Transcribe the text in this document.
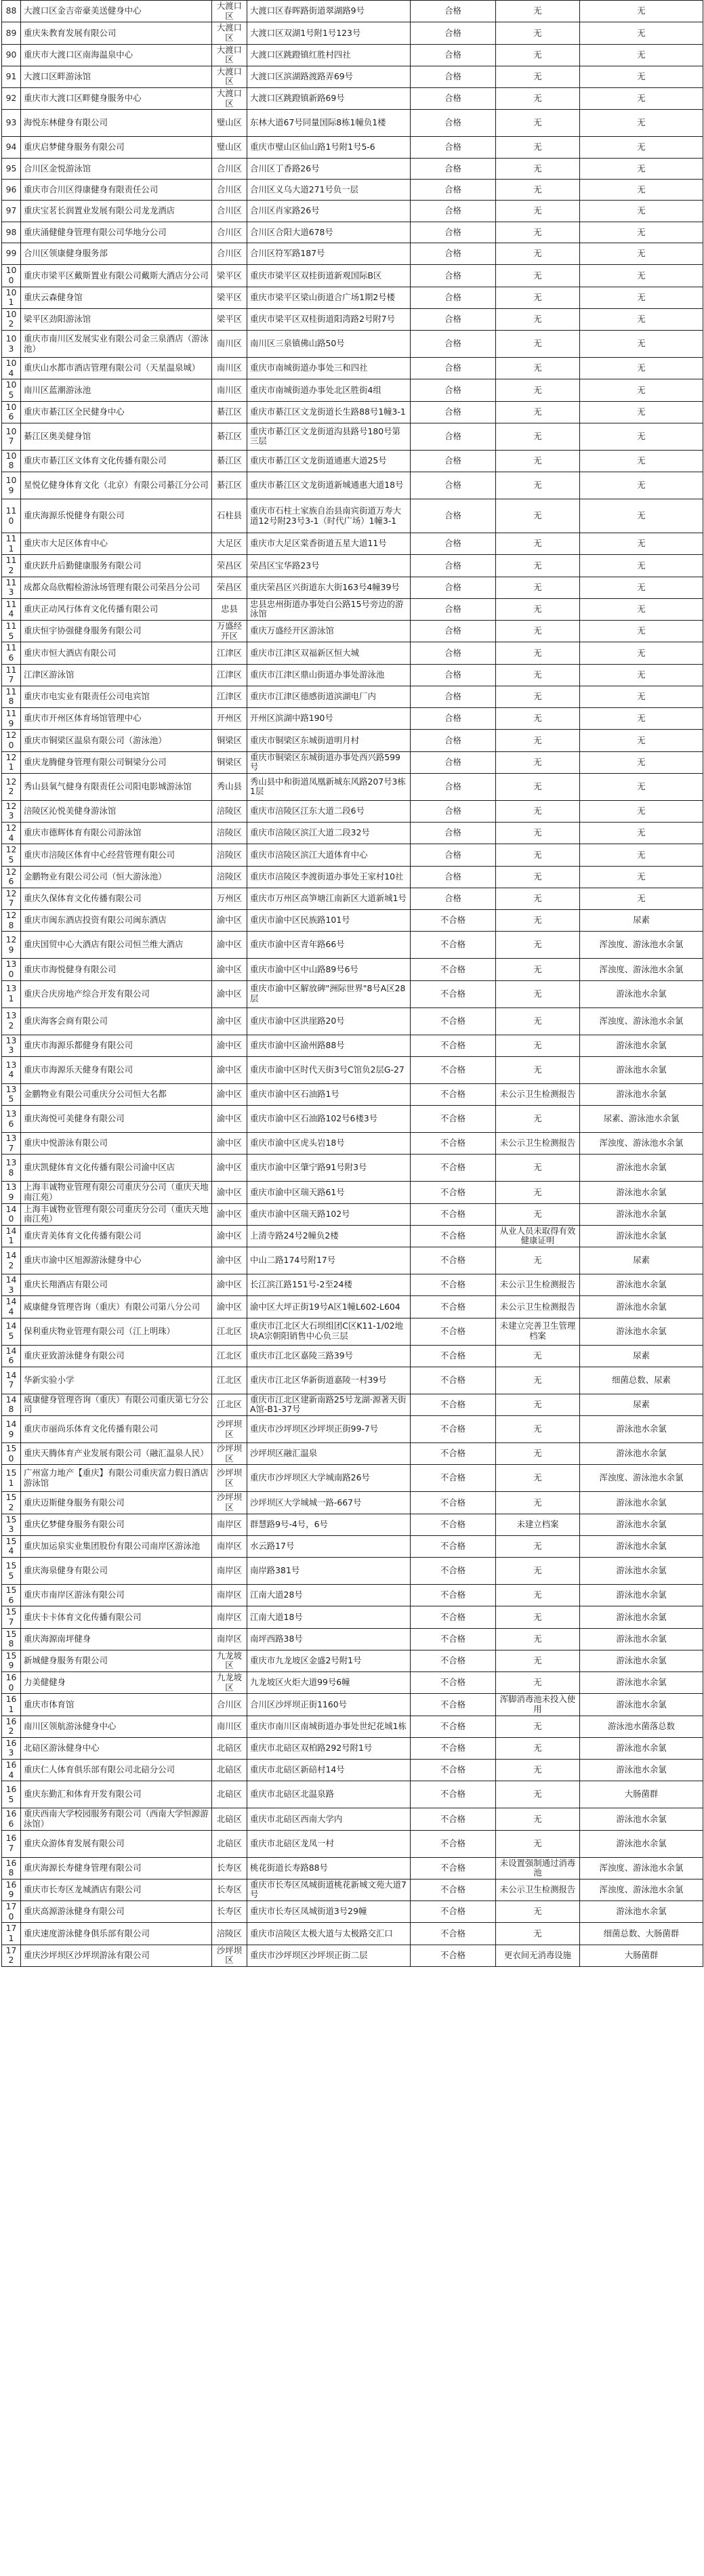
88	大渡口区金吉帝豪美送健身中心	大渡口区	大渡口区春晖路街道翠湖路9号	合格	无	无
89	重庆朱教育发展有限公司	大渡口区	大渡口区双湖1号附1号123号	合格	无	无
90	重庆市大渡口区南海温泉中心	大渡口区	大渡口区跳蹬镇红胜村四社	合格	无	无
91	大渡口区畔游泳馆	大渡口区	大渡口区滨湖路渡路弄69号	合格	无	无
92	重庆市大渡口区畔健身服务中心	大渡口区	大渡口区跳蹬镇新路69号	合格	无	无
93	海悦东林健身有限公司	璧山区	东林大道67号同量国际8栋1幢负1楼	合格	无	无
94	重庆启梦健身服务有限公司	璧山区	重庆市璧山区仙山路1号附1号5-6	合格	无	无
95	合川区金悦游泳馆	合川区	合川区丁香路26号	合格	无	无
96	重庆市合川区得康健身有限责任公司	合川区	合川区义乌大道271号负一层	合格	无	无
97	重庆宝茗长润置业发展有限公司龙龙酒店	合川区	合川区肖家路26号	合格	无	无
98	重庆涌健健身管理有限公司华地分公司	合川区	合川区合阳大道678号	合格	无	无
99	合川区领康健身服务部	合川区	合川区符军路187号	合格	无	无
100	重庆市梁平区戴斯置业有限公司戴斯大酒店分公司	梁平区	重庆市梁平区双桂街道新观国际B区	合格	无	无
101	重庆云森健身馆	梁平区	重庆市梁平区梁山街道合广场1期2号楼	合格	无	无
102	梁平区劲阳游泳馆	梁平区	重庆市梁平区双桂街道阳湾路2号附7号	合格	无	无
103	重庆市南川区发展实业有限公司金三泉酒店（游泳池）	南川区	南川区三泉镇佛山路50号	合格	无	无
104	重庆山水都市酒店管理有限公司（天星温泉城）	南川区	重庆市南城街道办事处三和四社	合格	无	无
105	南川区蓝潮游泳池	南川区	重庆市南城街道办事处北区胜街4组	合格	无	无
106	重庆市綦江区全民健身中心	綦江区	重庆市綦江区文龙街道长生路88号1幢3-1	合格	无	无
107	綦江区奥美健身馆	綦江区	重庆市綦江区文龙街道沟县路号180号第三层	合格	无	无
108	重庆市綦江区文体育文化传播有限公司	綦江区	重庆市綦江区文龙街道通惠大道25号	合格	无	无
109	星悦亿健身体育文化（北京）有限公司綦江分公司	綦江区	重庆市綦江区文龙街道新城通惠大道18号	合格	无	无
110	重庆海源乐悦健身有限公司	石柱县	重庆市石柱土家族自治县南宾街道万寿大道12号附23号3-1（时代广场）1幢3-1	合格	无	无
111	重庆市大足区体育中心	大足区	重庆市大足区棠香街道五星大道11号	合格	无	无
112	重庆跃升后勤健康服务有限公司	荣昌区	荣昌区宝华路23号	合格	无	无
113	成都众岛欣帽检游泳场管理有限公司荣昌分公司	荣昌区	重庆荣昌区兴街道东大街163号4幢39号	合格	无	无
114	重庆正动风行体育文化传播有限公司	忠县	忠县忠州街道办事处白公路15号旁边的游泳馆	合格	无	无
115	重庆恒宇协强健身服务有限公司	万盛经开区	重庆万盛经开区游泳馆	合格	无	无
116	重庆市恒大酒店有限公司	江津区	重庆市江津区双福新区恒大城	合格	无	无
117	江津区游泳馆	江津区	重庆市江津区鼎山街道办事处游泳池	合格	无	无
118	重庆市电实业有限责任公司电宾馆	江津区	重庆市江津区德感街道滨湖电厂内	合格	无	无
119	重庆市开州区体育场馆管理中心	开州区	开州区滨湖中路190号	合格	无	无
120	重庆市铜梁区温泉有限公司（游泳池）	铜梁区	重庆市铜梁区东城街道明月村	合格	无	无
121	重庆龙腾健身管理有限公司铜梁分公司	铜梁区	重庆市铜梁区东城街道办事处西兴路599号	合格	无	无
122	秀山县氧气健身有限责任公司阳电影城游泳馆	秀山县	秀山县中和街道凤凰新城东风路207号3栋1层	合格	无	无
123	涪陵区沁悦美健身游泳馆	涪陵区	重庆市涪陵区江东大道二段6号	合格	无	无
124	重庆市德辉体育有限公司游泳馆	涪陵区	重庆市涪陵区滨江大道二段32号	合格	无	无
125	重庆市涪陵区体育中心经营管理有限公司	涪陵区	重庆市涪陵区滨江大道体育中心	合格	无	无
126	金鹏物业有限公司公司（恒大游泳池）	涪陵区	重庆市涪陵区李渡街道办事处王家村10社	合格	无	无
127	重庆久保体育文化传播有限公司	万州区	重庆市万州区高笋塘江南新区大道新城1号	合格	无	无
128	重庆市闽东酒店投资有限公司闽东酒店	渝中区	重庆市渝中区民族路101号	不合格	无	尿素
129	重庆国贸中心大酒店有限公司恒兰维大酒店	渝中区	重庆市渝中区青年路66号	不合格	无	浑浊度、游泳池水余氯
130	重庆市海悦健身有限公司	渝中区	重庆市渝中区中山路89号6号	不合格	无	浑浊度、游泳池水余氯
131	重庆合庆房地产综合开发有限公司	渝中区	重庆市渝中区解放碑"洲际世界"8号A区28层	不合格	无	游泳池水余氯
132	重庆海客会商有限公司	渝中区	重庆市渝中区洪崖路20号	不合格	无	浑浊度、游泳池水余氯
133	重庆市海源乐都健身有限公司	渝中区	重庆市渝中区渝州路88号	不合格	无	游泳池水余氯
134	重庆市海源乐天健身有限公司	渝中区	重庆市渝中区时代天街3号C馆负2层G-27	不合格	无	游泳池水余氯
135	金鹏物业有限公司重庆分公司恒大名都	渝中区	重庆市渝中区石油路1号	不合格	未公示卫生检测报告	游泳池水余氯
136	重庆海悦可美健身有限公司	渝中区	重庆市渝中区石油路102号6楼3号	不合格	无	尿素、游泳池水余氯
137	重庆中悦游泳有限公司	渝中区	重庆市渝中区虎头岩18号	不合格	未公示卫生检测报告	浑浊度、游泳池水余氯
138	重庆凯健体育文化传播有限公司渝中区店	渝中区	重庆市渝中区肇宁路91号附3号	不合格	无	游泳池水余氯
139	上海丰诚物业管理有限公司重庆分公司（重庆天地南江苑）	渝中区	重庆市渝中区瑞天路61号	不合格	无	游泳池水余氯
140	上海丰诚物业管理有限公司重庆分公司（重庆天地南江苑）	渝中区	重庆市渝中区瑞天路102号	不合格	无	游泳池水余氯
141	重庆青美体育文化传播有限公司	渝中区	上清寺路24号2幢负2楼	不合格	从业人员未取得有效健康证明	游泳池水余氯
142	重庆市渝中区旭源游泳健身中心	渝中区	中山二路174号附17号	不合格	无	尿素
143	重庆长翔酒店有限公司	渝中区	长江滨江路151号-2至24楼	不合格	未公示卫生检测报告	游泳池水余氯
144	威康健身管理咨询（重庆）有限公司第八分公司	渝中区	渝中区大坪正街19号A区1幢L602-L604	不合格	未公示卫生检测报告	游泳池水余氯
145	保利重庆物业管理有限公司（江上明珠）	江北区	重庆市江北区大石坝组团C区K11-1/02地块A宗朝阳销售中心负三层	不合格	未建立完善卫生管理档案	游泳池水余氯
146	重庆亚致游泳健身有限公司	江北区	重庆市江北区嘉陵三路39号	不合格	无	尿素
147	华新实验小学	江北区	重庆市江北区华新街道嘉陵一村39号	不合格	无	细菌总数、尿素
148	威康健身管理咨询（重庆）有限公司重庆第七分公司	江北区	重庆市江北区建新南路25号龙湖·源著天街A馆-B1-37号	不合格	无	尿素
149	重庆市丽尚乐体育文化传播有限公司	沙坪坝区	重庆市沙坪坝区沙坪坝正街99-7号	不合格	无	游泳池水余氯
150	重庆天腾体育产业发展有限公司（融汇温泉人民）	沙坪坝区	沙坪坝区融汇温泉	不合格	无	游泳池水余氯
151	广州富力地产【重庆】有限公司重庆富力假日酒店游泳馆	沙坪坝区	重庆市沙坪坝区大学城南路26号	不合格	无	浑浊度、游泳池水余氯
152	重庆迈斯健身服务有限公司	沙坪坝区	沙坪坝区大学城城一路-667号	不合格	无	游泳池水余氯
153	重庆亿梦健身服务有限公司	南岸区	群慧路9号-4号，6号	不合格	未建立档案	游泳池水余氯
154	重庆加运泉实业集团股份有限公司南岸区游泳池	南岸区	水云路17号	不合格	无	游泳池水余氯
155	重庆海泉健身有限公司	南岸区	南岸路381号	不合格	无	游泳池水余氯
156	重庆市南岸区游泳有限公司	南岸区	江南大道28号	不合格	无	游泳池水余氯
157	重庆卡卡体育文化传播有限公司	南岸区	江南大道18号	不合格	无	游泳池水余氯
158	重庆海源南坪健身	南岸区	南坪西路38号	不合格	无	游泳池水余氯
159	新城健身服务有限公司	九龙坡区	重庆市九龙坡区金盛2号附1号	不合格	无	游泳池水余氯
160	力美健健身	九龙坡区	九龙坡区火炬大道99号6幢	不合格	无	游泳池水余氯
161	重庆市体育馆	合川区	合川区沙坪坝正街1160号	不合格	浑脚消毒池未投入使用	游泳池水余氯
162	南川区领航游泳健身中心	南川区	重庆市南川区南城街道办事处世纪花城1栋	不合格	无	游泳池水菌落总数
163	北碚区游泳健身中心	北碚区	重庆市北碚区双柏路292号附1号	不合格	无	游泳池水余氯
164	重庆仁人体育俱乐部有限公司北碚分公司	北碚区	重庆市北碚区新碚村14号	不合格	无	游泳池水余氯
165	重庆东勤汇和体育开发有限公司	北碚区	重庆市北碚区北温泉路	不合格	无	大肠菌群
166	重庆西南大学校园服务有限公司（西南大学恒源游泳馆）	北碚区	重庆市北碚区西南大学内	不合格	无	游泳池水余氯
167	重庆众游体育发展有限公司	北碚区	重庆市北碚区龙凤一村	不合格	无	游泳池水余氯
168	重庆海源长寿健身管理有限公司	长寿区	桃花街道长寿路88号	不合格	未设置强制通过消毒池	浑浊度、游泳池水余氯
169	重庆市长寿区龙城酒店有限公司	长寿区	重庆市长寿区凤城街道桃花新城文苑大道7号	不合格	未公示卫生检测报告	浑浊度、游泳池水余氯
170	重庆高源游泳健身有限公司	长寿区	重庆市长寿区凤城街道3号29幢	不合格	无	游泳池水余氯
171	重庆速度游泳健身俱乐部有限公司	涪陵区	重庆市涪陵区太极大道与太极路交汇口	不合格	无	细菌总数、大肠菌群
172	重庆沙坪坝区沙坪坝游泳有限公司	沙坪坝区	重庆市沙坪坝区沙坪坝正街二层	不合格	更衣间无消毒设施	大肠菌群
